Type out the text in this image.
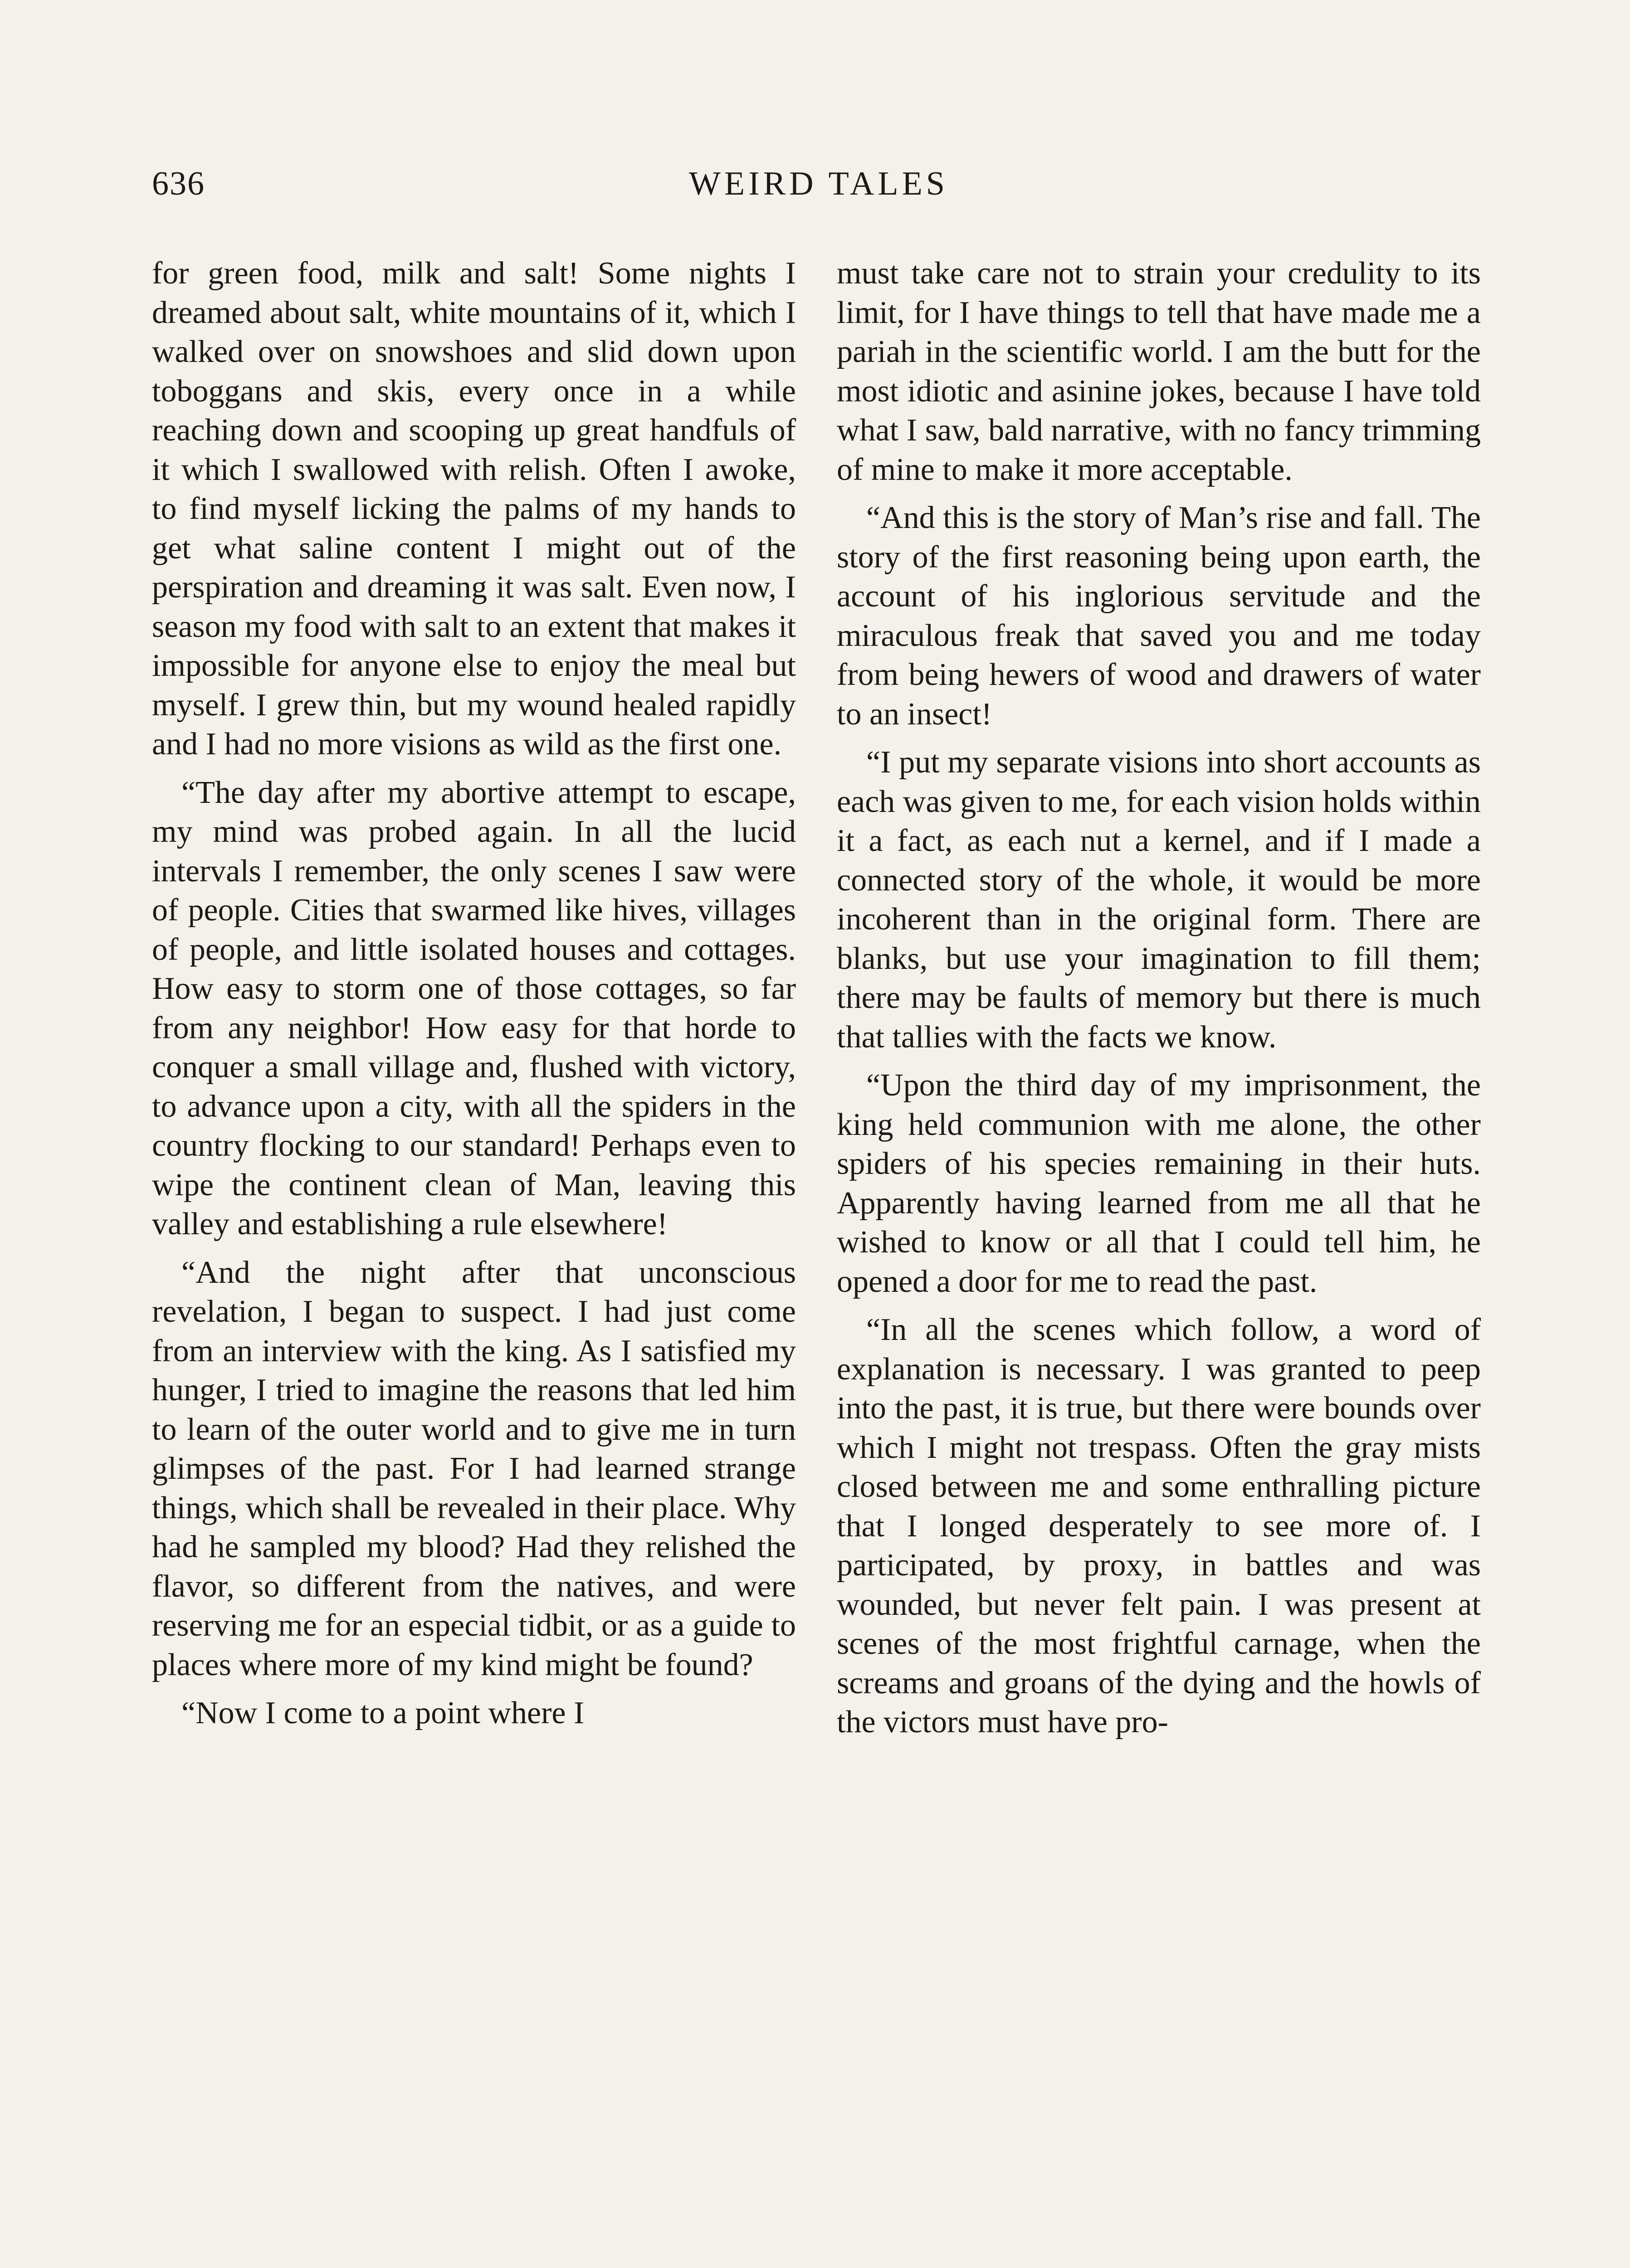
636	WEIRD TALES

for green food, milk and salt! Some nights I dreamed about salt, white mountains of it, which I walked over on snowshoes and slid down upon toboggans and skis, every once in a while reaching down and scooping up great handfuls of it which I swallowed with relish. Often I awoke, to find myself licking the palms of my hands to get what saline content I might out of the perspiration and dreaming it was salt. Even now, I season my food with salt to an extent that makes it impossible for anyone else to enjoy the meal but myself. I grew thin, but my wound healed rapidly and I had no more visions as wild as the first one.

“The day after my abortive attempt to escape, my mind was probed again. In all the lucid intervals I remember, the only scenes I saw were of people. Cities that swarmed like hives, villages of people, and little isolated houses and cottages. How easy to storm one of those cottages, so far from any neighbor! How easy for that horde to conquer a small village and, flushed with victory, to advance upon a city, with all the spiders in the country flocking to our standard! Perhaps even to wipe the continent clean of Man, leaving this valley and establishing a rule elsewhere!

“And the night after that unconscious revelation, I began to suspect. I had just come from an interview with the king. As I satisfied my hunger, I tried to imagine the reasons that led him to learn of the outer world and to give me in turn glimpses of the past. For I had learned strange things, which shall be revealed in their place. Why had he sampled my blood? Had they relished the flavor, so different from the natives, and were reserving me for an especial tidbit, or as a guide to places where more of my kind might be found?

“Now I come to a point where I

must take care not to strain your credulity to its limit, for I have things to tell that have made me a pariah in the scientific world. I am the butt for the most idiotic and asinine jokes, because I have told what I saw, bald narrative, with no fancy trimming of mine to make it more acceptable.

“And this is the story of Man’s rise and fall. The story of the first reasoning being upon earth, the account of his inglorious servitude and the miraculous freak that saved you and me today from being hewers of wood and drawers of water to an insect!

“I put my separate visions into short accounts as each was given to me, for each vision holds within it a fact, as each nut a kernel, and if I made a connected story of the whole, it would be more incoherent than in the original form. There are blanks, but use your imagination to fill them; there may be faults of memory but there is much that tallies with the facts we know.

“Upon the third day of my imprisonment, the king held communion with me alone, the other spiders of his species remaining in their huts. Apparently having learned from me all that he wished to know or all that I could tell him, he opened a door for me to read the past.

“In all the scenes which follow, a word of explanation is necessary. I was granted to peep into the past, it is true, but there were bounds over which I might not trespass. Often the gray mists closed between me and some enthralling picture that I longed desperately to see more of. I participated, by proxy, in battles and was wounded, but never felt pain. I was present at scenes of the most frightful carnage, when the screams and groans of the dying and the howls of the victors must have pro-
